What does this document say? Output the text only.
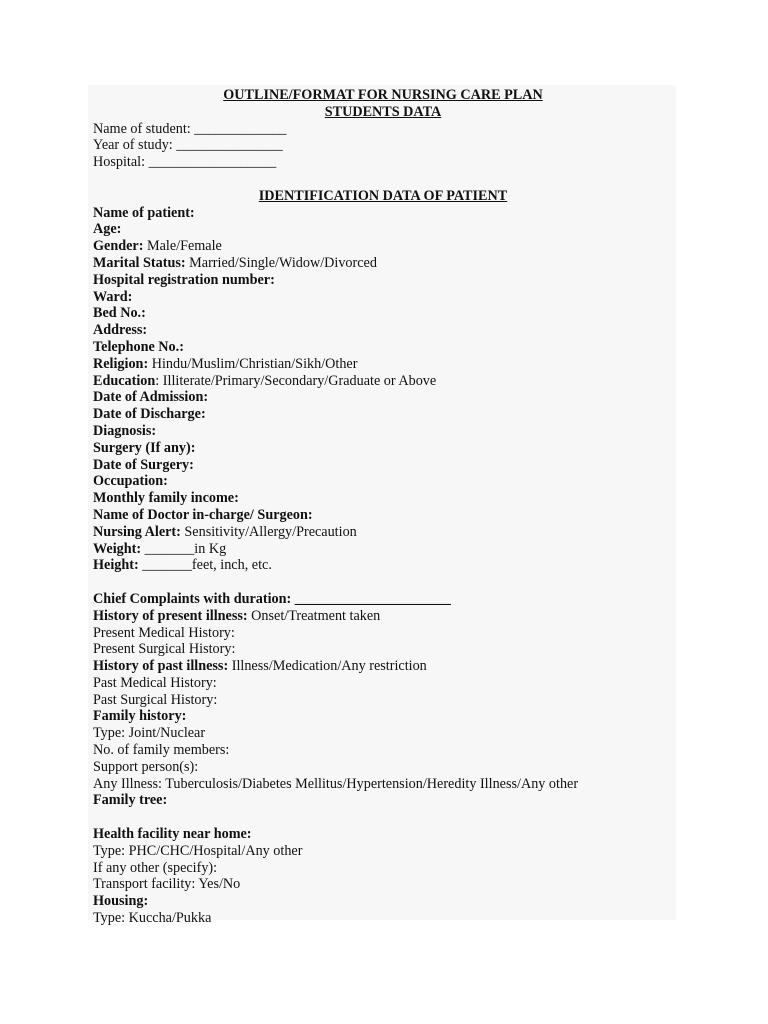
OUTLINE/FORMAT FOR NURSING CARE PLAN
STUDENTS DATA
Name of student: _____________
Year of study: _______________
Hospital: __________________
IDENTIFICATION DATA OF PATIENT
Name of patient:
Age:
Gender: Male/Female
Marital Status: Married/Single/Widow/Divorced
Hospital registration number:
Ward:
Bed No.:
Address:
Telephone No.:
Religion: Hindu/Muslim/Christian/Sikh/Other
Education: Illiterate/Primary/Secondary/Graduate or Above
Date of Admission:
Date of Discharge:
Diagnosis:
Surgery (If any):
Date of Surgery:
Occupation:
Monthly family income:
Name of Doctor in-charge/ Surgeon:
Nursing Alert: Sensitivity/Allergy/Precaution
Weight: _______in Kg
Height: _______feet, inch, etc.
Chief Complaints with duration: ______________________
History of present illness: Onset/Treatment taken
Present Medical History:
Present Surgical History:
History of past illness: Illness/Medication/Any restriction
Past Medical History:
Past Surgical History:
Family history:
Type: Joint/Nuclear
No. of family members:
Support person(s):
Any Illness: Tuberculosis/Diabetes Mellitus/Hypertension/Heredity Illness/Any other
Family tree:
Health facility near home:
Type: PHC/CHC/Hospital/Any other
If any other (specify):
Transport facility: Yes/No
Housing:
Type: Kuccha/Pukka
